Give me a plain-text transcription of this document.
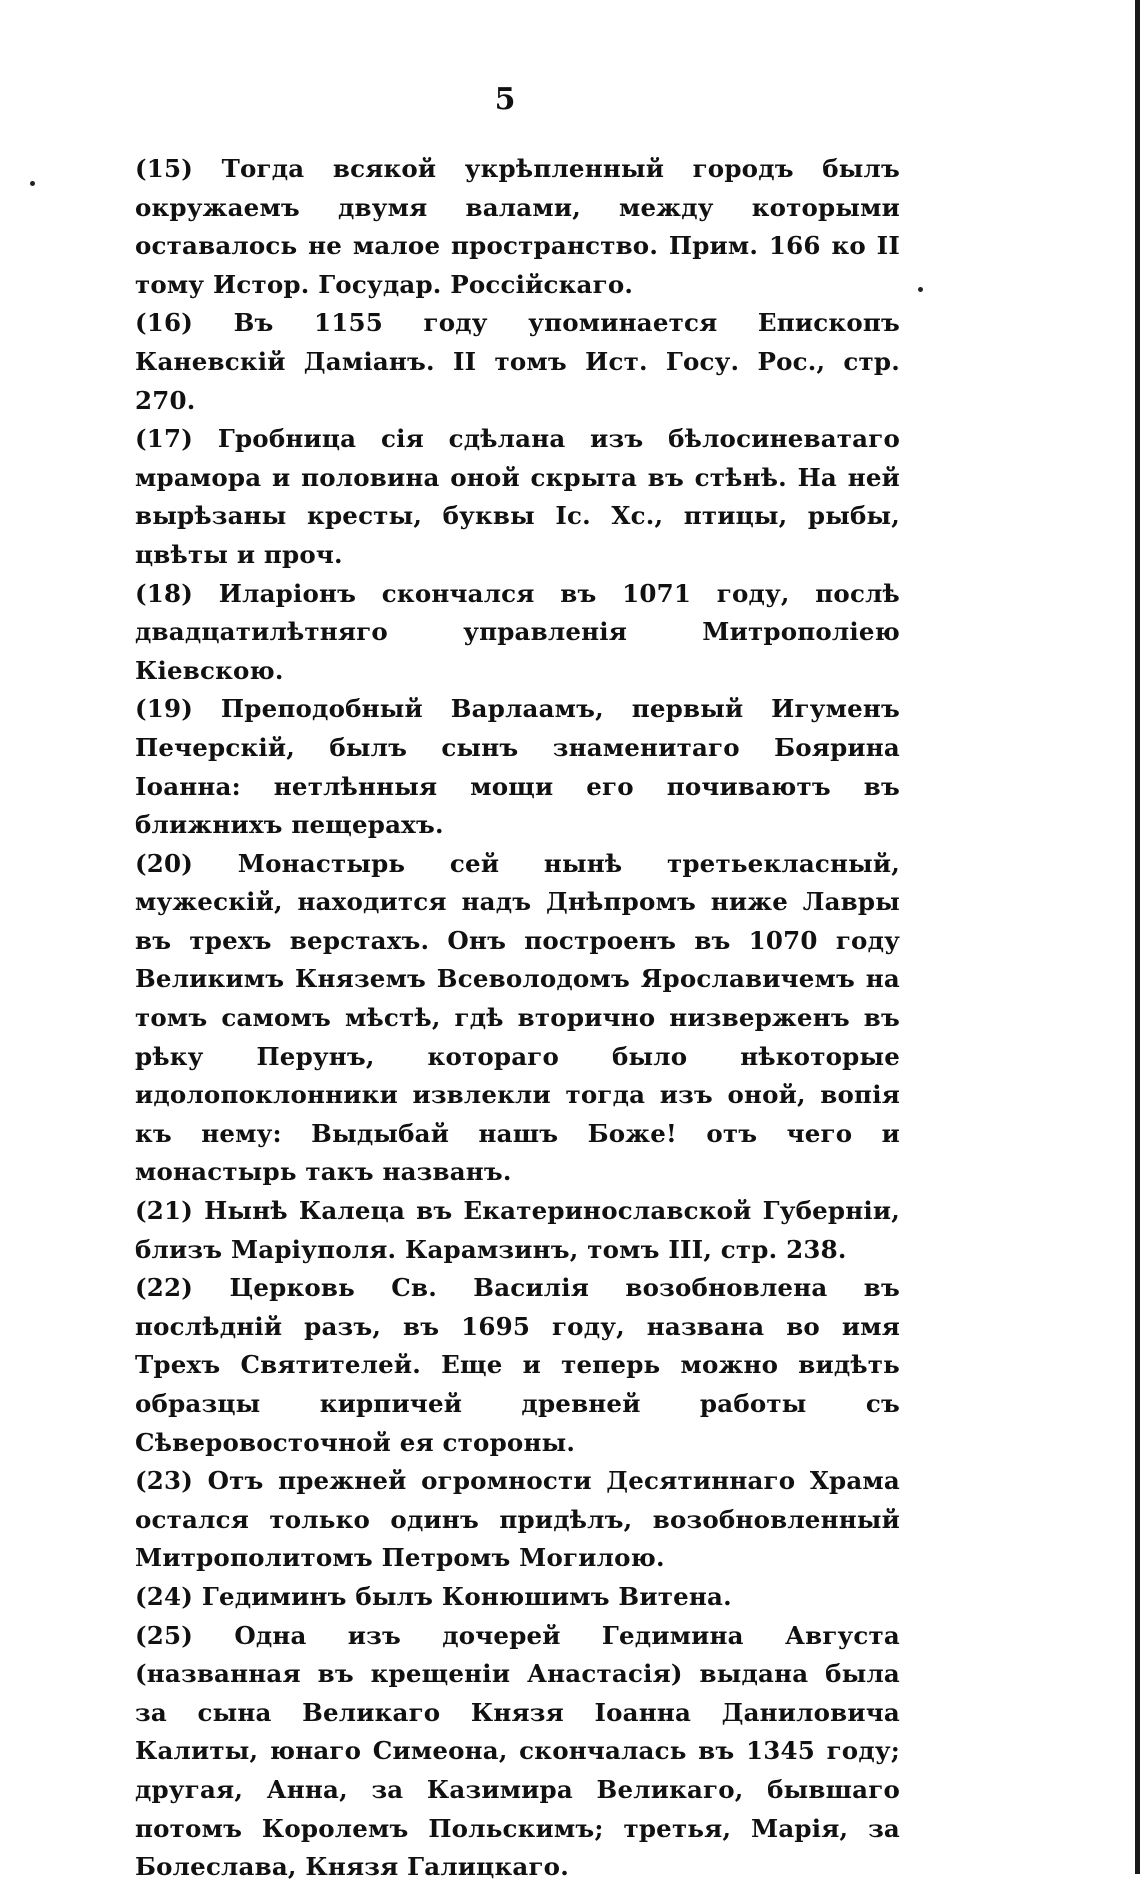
5

(15) Тогда всякой укрѣпленный городъ былъ окружаемъ двумя валами, между которыми оставалось не малое пространство. Прим. 166 ко II тому Истор. Государ. Россійскаго.

(16) Въ 1155 году упоминается Епископъ Каневскій Даміанъ. II томъ Ист. Госу. Рос., стр. 270.

(17) Гробница сія сдѣлана изъ бѣлосиневатаго мрамора и половина оной скрыта въ стѣнѣ. На ней вырѣзаны кресты, буквы Іс. Хс., птицы, рыбы, цвѣты и проч.

(18) Иларіонъ скончался въ 1071 году, послѣ двадцатилѣтняго управленія Митрополіею Кіевскою.

(19) Преподобный Варлаамъ, первый Игуменъ Печерскій, былъ сынъ знаменитаго Боярина Іоанна: нетлѣнныя мощи его почиваютъ въ ближнихъ пещерахъ.

(20) Монастырь сей нынѣ третьекласный, мужескій, находится надъ Днѣпромъ ниже Лавры въ трехъ верстахъ. Онъ построенъ въ 1070 году Великимъ Княземъ Всеволодомъ Ярославичемъ на томъ самомъ мѣстѣ, гдѣ вторично низверженъ въ рѣку Перунъ, котораго было нѣкоторые идолопоклонники извлекли тогда изъ оной, вопія къ нему: Выдыбай нашъ Боже! отъ чего и монастырь такъ названъ.

(21) Нынѣ Калеца въ Екатеринославской Губерніи, близъ Маріуполя. Карамзинъ, томъ III, стр. 238.

(22) Церковь Св. Василія возобновлена въ послѣдній разъ, въ 1695 году, названа во имя Трехъ Святителей. Еще и теперь можно видѣть образцы кирпичей древней работы съ Сѣверовосточной ея стороны.

(23) Отъ прежней огромности Десятиннаго Храма остался только одинъ придѣлъ, возобновленный Митрополитомъ Петромъ Могилою.

(24) Гедиминъ былъ Конюшимъ Витена.

(25) Одна изъ дочерей Гедимина Августа (названная въ крещеніи Анастасія) выдана была за сына Великаго Князя Іоанна Даниловича Калиты, юнаго Симеона, скончалась въ 1345 году; другая, Анна, за Казимира Великаго, бывшаго потомъ Королемъ Польскимъ; третья, Марія, за Болеслава, Князя Галицкаго.
